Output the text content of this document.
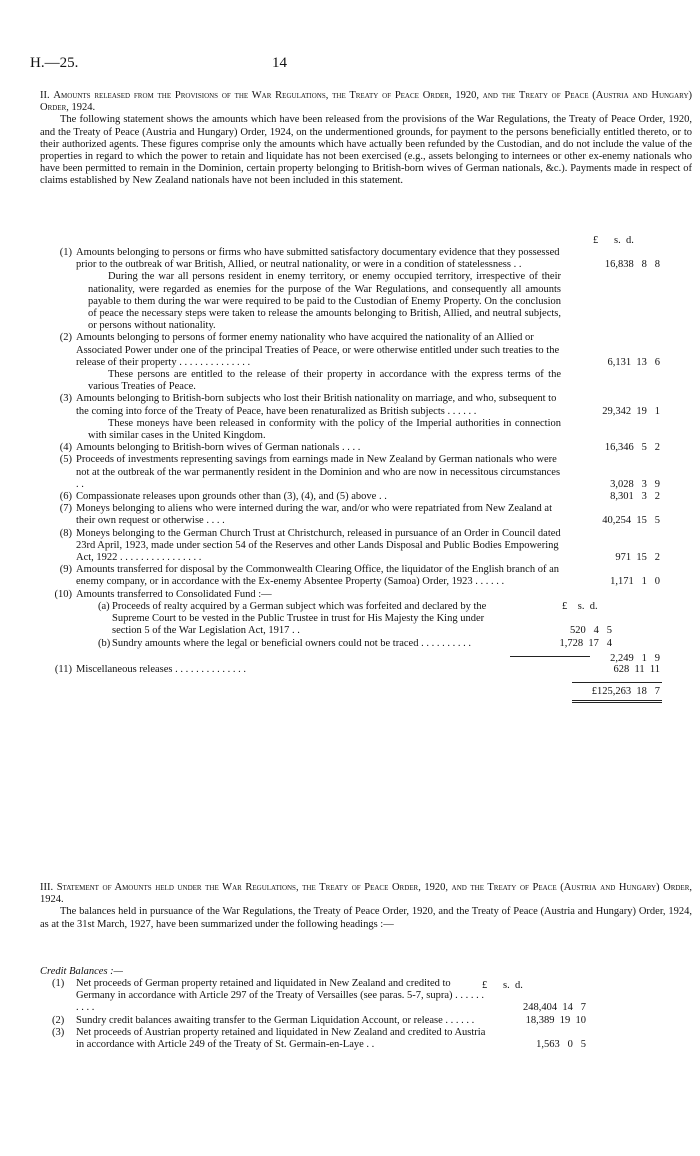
H.—25.	14
II. Amounts released from the Provisions of the War Regulations, the Treaty of Peace Order, 1920, and the Treaty of Peace (Austria and Hungary) Order, 1924.
The following statement shows the amounts which have been released from the provisions of the War Regulations, the Treaty of Peace Order, 1920, and the Treaty of Peace (Austria and Hungary) Order, 1924, on the undermentioned grounds, for payment to the persons beneficially entitled thereto, or to their authorized agents. These figures comprise only the amounts which have actually been refunded by the Custodian, and do not include the value of the properties in regard to which the power to retain and liquidate has not been exercised (e.g., assets belonging to internees or other ex-enemy nationals who have been permitted to remain in the Dominion, certain property belonging to British-born wives of German nationals, &c.). Payments made in respect of claims established by New Zealand nationals have not been included in this statement.
£      s.  d.
(1) Amounts belonging to persons or firms who have submitted satisfactory documentary evidence that they possessed prior to the outbreak of war British, Allied, or neutral nationality, or were in a condition of statelessness . .	16,838   8   8
During the war all persons resident in enemy territory, or enemy occupied territory, irrespective of their nationality, were regarded as enemies for the purpose of the War Regulations, and consequently all amounts payable to them during the war were required to be paid to the Custodian of Enemy Property. On the conclusion of peace the necessary steps were taken to release the amounts belonging to British, Allied, and neutral subjects, or persons without nationality.
(2) Amounts belonging to persons of former enemy nationality who have acquired the nationality of an Allied or Associated Power under one of the principal Treaties of Peace, or were otherwise entitled under such treaties to the release of their property . . . . . . . . . . . . . .	6,131  13   6
These persons are entitled to the release of their property in accordance with the express terms of the various Treaties of Peace.
(3) Amounts belonging to British-born subjects who lost their British nationality on marriage, and who, subsequent to the coming into force of the Treaty of Peace, have been renaturalized as British subjects . . . . . .	29,342  19   1
These moneys have been released in conformity with the policy of the Imperial authorities in connection with similar cases in the United Kingdom.
(4) Amounts belonging to British-born wives of German nationals . . . .	16,346   5   2
(5) Proceeds of investments representing savings from earnings made in New Zealand by German nationals who were not at the outbreak of the war permanently resident in the Dominion and who are now in necessitous circumstances . .	3,028   3   9
(6) Compassionate releases upon grounds other than (3), (4), and (5) above . .	8,301   3   2
(7) Moneys belonging to aliens who were interned during the war, and/or who were repatriated from New Zealand at their own request or otherwise . . . .	40,254  15   5
(8) Moneys belonging to the German Church Trust at Christchurch, released in pursuance of an Order in Council dated 23rd April, 1923, made under section 54 of the Reserves and other Lands Disposal and Public Bodies Empowering Act, 1922 . . . . . . . . . . . . . . . .	971  15   2
(9) Amounts transferred for disposal by the Commonwealth Clearing Office, the liquidator of the English branch of an enemy company, or in accordance with the Ex-enemy Absentee Property (Samoa) Order, 1923 . . . . . .	1,171   1   0
(10) Amounts transferred to Consolidated Fund :—
£    s.  d.
(a) Proceeds of realty acquired by a German subject which was forfeited and declared by the Supreme Court to be vested in the Public Trustee in trust for His Majesty the King under section 5 of the War Legislation Act, 1917 . .	520   4   5
(b) Sundry amounts where the legal or beneficial owners could not be traced . . . . . . . . . .	1,728  17   4
2,249   1   9
(11) Miscellaneous releases . . . . . . . . . . . . . .	628  11  11
£125,263  18   7
III. Statement of Amounts held under the War Regulations, the Treaty of Peace Order, 1920, and the Treaty of Peace (Austria and Hungary) Order, 1924.
The balances held in pursuance of the War Regulations, the Treaty of Peace Order, 1920, and the Treaty of Peace (Austria and Hungary) Order, 1924, as at the 31st March, 1927, have been summarized under the following headings :—
Credit Balances :—
£      s.  d.
(1) Net proceeds of German property retained and liquidated in New Zealand and credited to Germany in accordance with Article 297 of the Treaty of Versailles (see paras. 5-7, supra) . . . . . . . . . .	248,404  14   7
(2) Sundry credit balances awaiting transfer to the German Liquidation Account, or release . . . . . .	18,389  19  10
(3) Net proceeds of Austrian property retained and liquidated in New Zealand and credited to Austria in accordance with Article 249 of the Treaty of St. Germain-en-Laye . .	1,563   0   5
